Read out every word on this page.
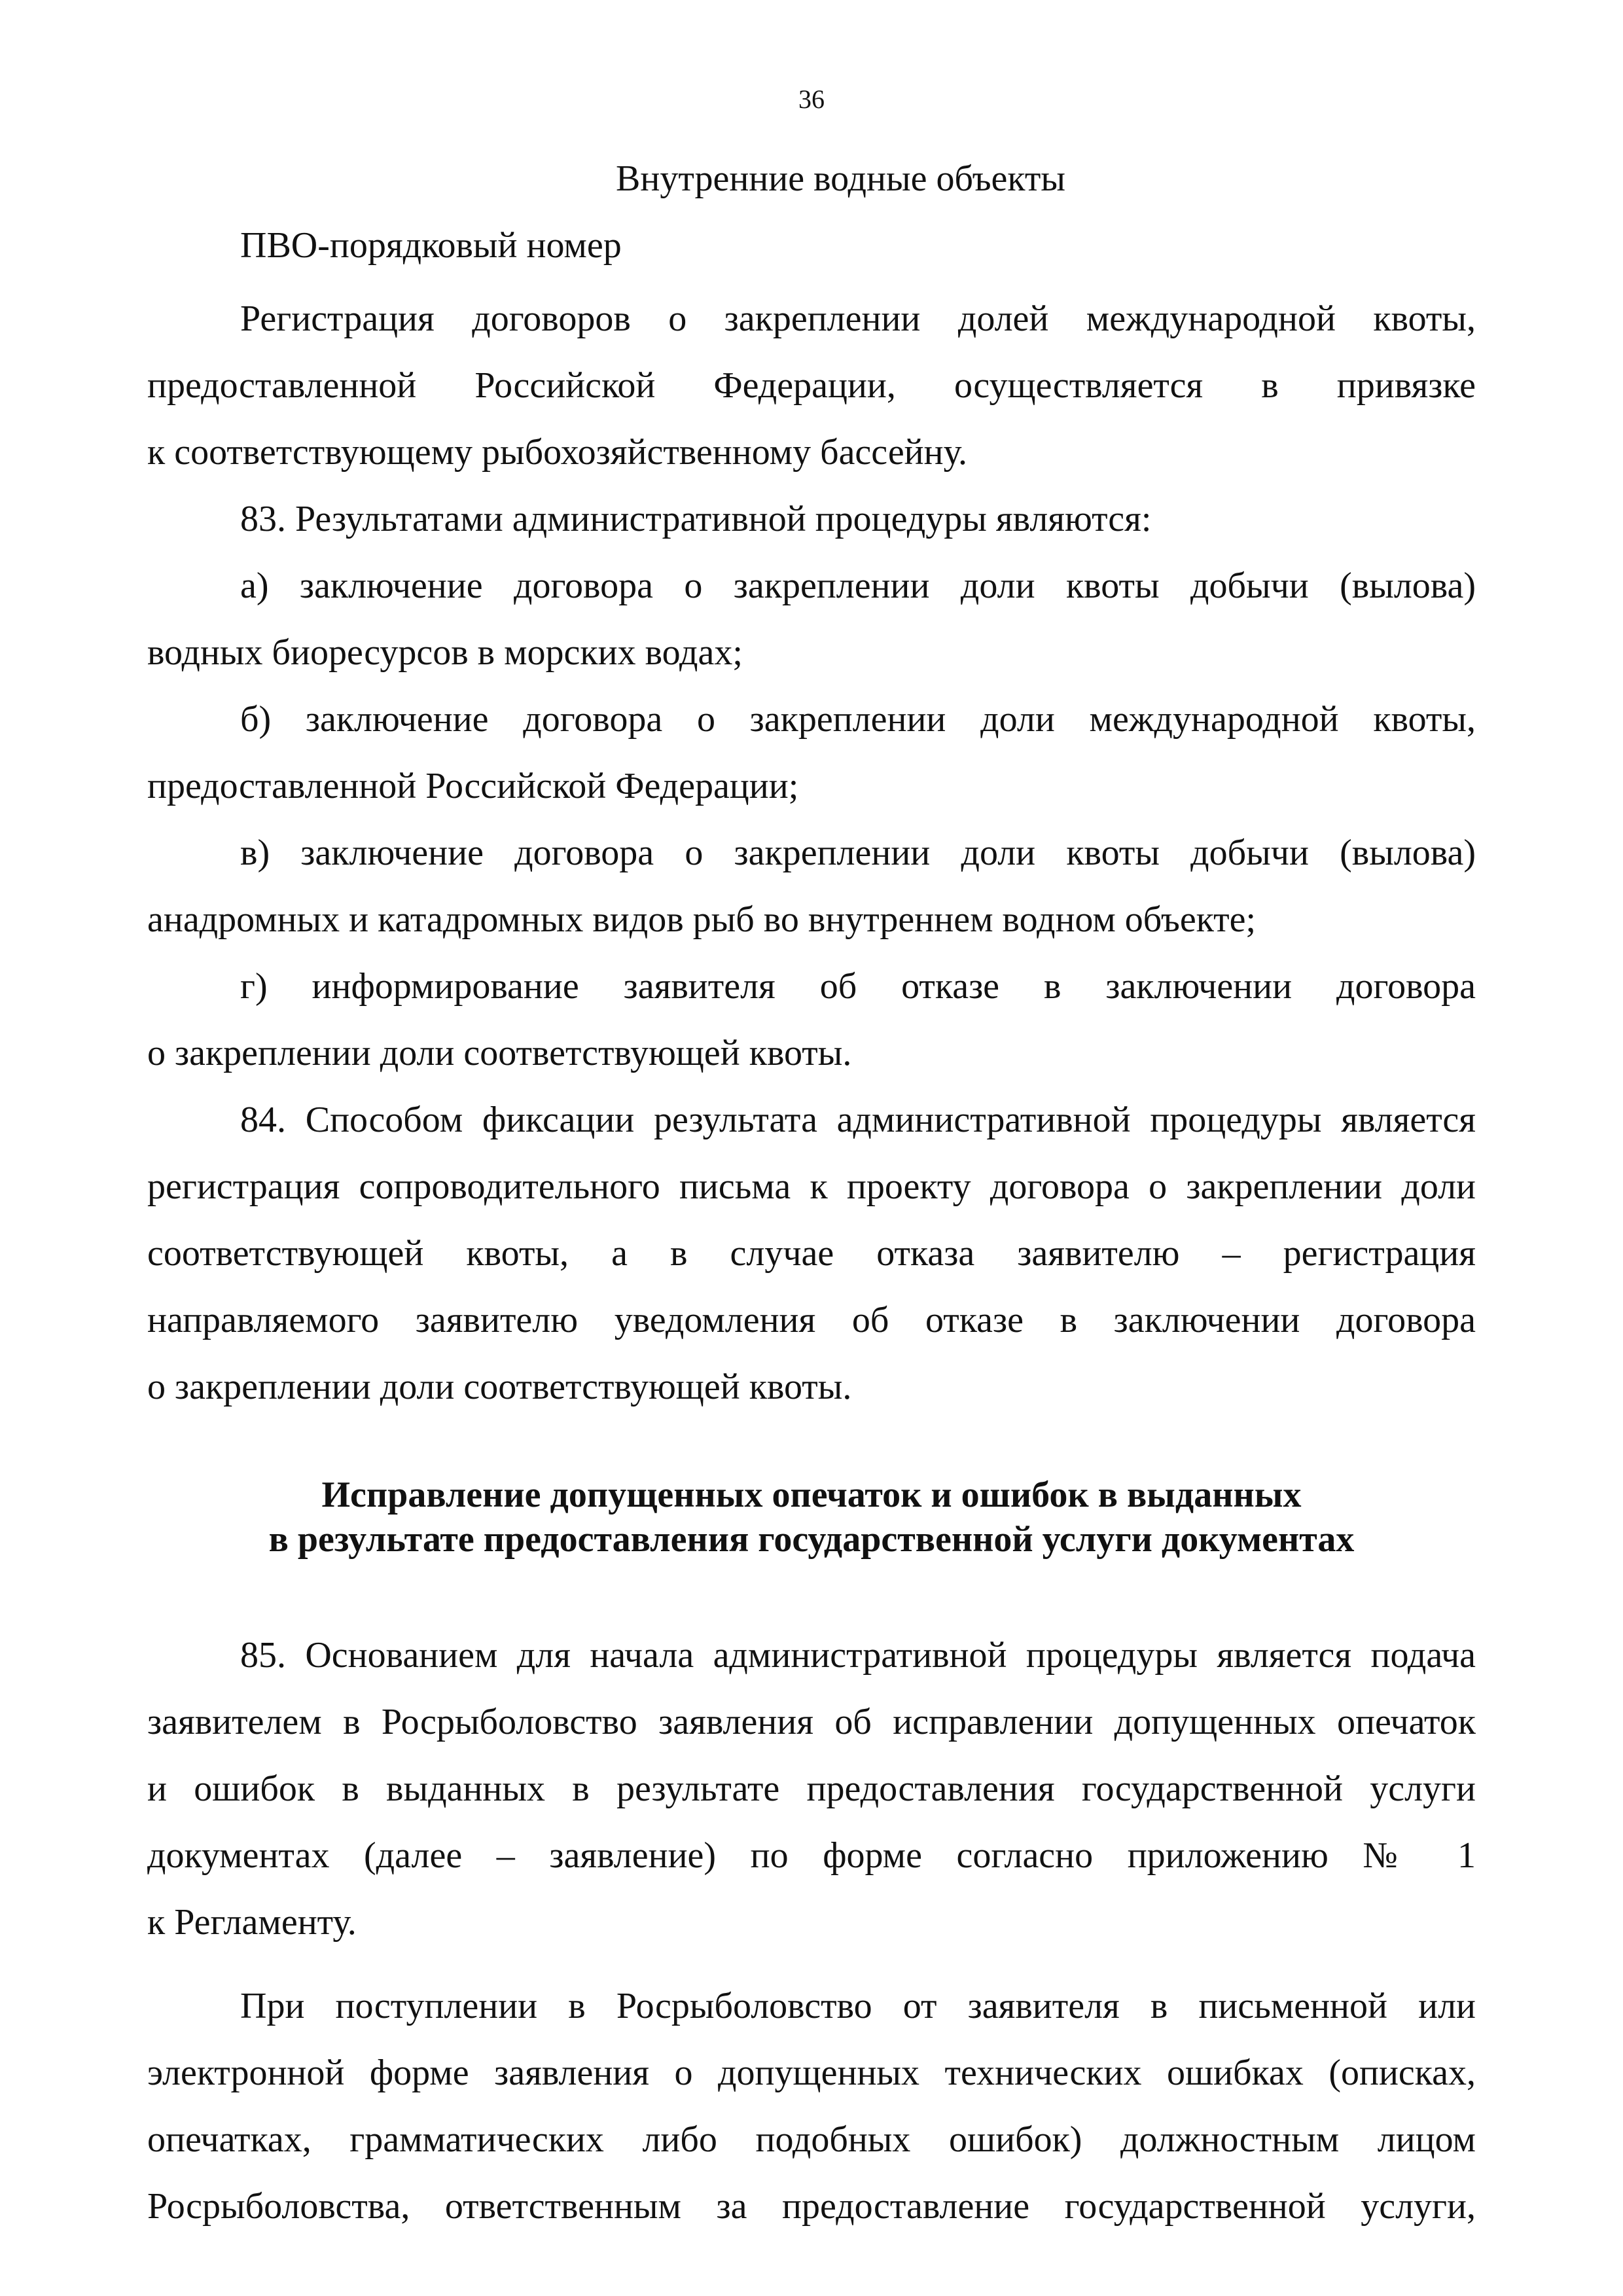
36
Внутренние водные объекты
ПВО-порядковый номер
Регистрация договоров о закреплении долей международной квоты,
предоставленной Российской Федерации, осуществляется в привязке
к соответствующему рыбохозяйственному бассейну.
83. Результатами административной процедуры являются:
а) заключение договора о закреплении доли квоты добычи (вылова)
водных биоресурсов в морских водах;
б) заключение договора о закреплении доли международной квоты,
предоставленной Российской Федерации;
в) заключение договора о закреплении доли квоты добычи (вылова)
анадромных и катадромных видов рыб во внутреннем водном объекте;
г) информирование заявителя об отказе в заключении договора
о закреплении доли соответствующей квоты.
84. Способом фиксации результата административной процедуры является
регистрация сопроводительного письма к проекту договора о закреплении доли
соответствующей квоты, а в случае отказа заявителю – регистрация
направляемого заявителю уведомления об отказе в заключении договора
о закреплении доли соответствующей квоты.
Исправление допущенных опечаток и ошибок в выданных
в результате предоставления государственной услуги документах
85. Основанием для начала административной процедуры является подача
заявителем в Росрыболовство заявления об исправлении допущенных опечаток
и ошибок в выданных в результате предоставления государственной услуги
документах (далее – заявление) по форме согласно приложению № 1
к Регламенту.
При поступлении в Росрыболовство от заявителя в письменной или
электронной форме заявления о допущенных технических ошибках (описках,
опечатках, грамматических либо подобных ошибок) должностным лицом
Росрыболовства, ответственным за предоставление государственной услуги,
